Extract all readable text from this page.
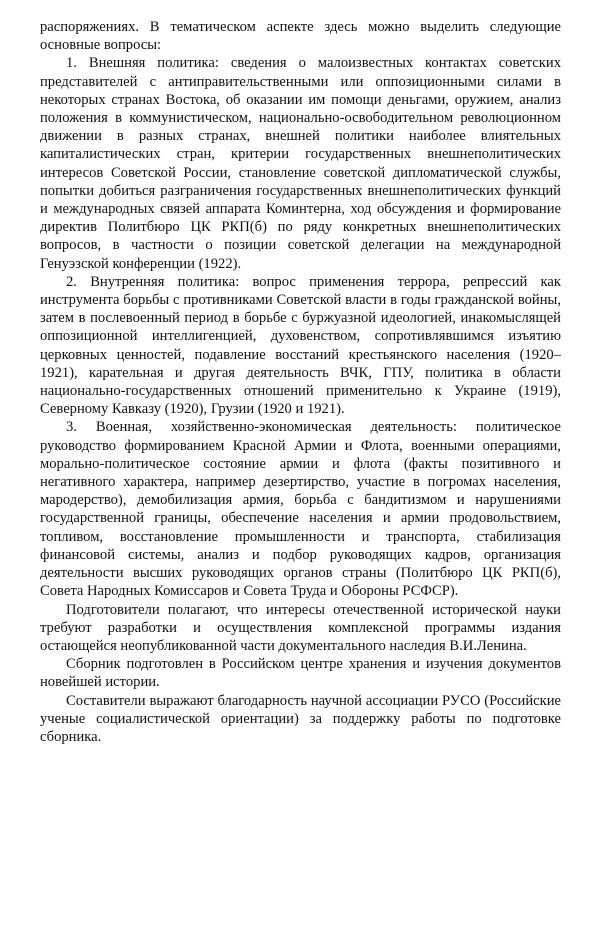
распоряжениях. В тематическом аспекте здесь можно выделить следующие основные вопросы:

1. Внешняя политика: сведения о малоизвестных контактах советских представителей с антиправительственными или оппозиционными силами в некоторых странах Востока, об оказании им помощи деньгами, оружием, анализ положения в коммунистическом, национально-освободительном революционном движении в разных странах, внешней политики наиболее влиятельных капиталистических стран, критерии государственных внешнеполитических интересов Советской России, становление советской дипломатической службы, попытки добиться разграничения государственных внешнеполитических функций и международных связей аппарата Коминтерна, ход обсуждения и формирование директив Политбюро ЦК РКП(б) по ряду конкретных внешнеполитических вопросов, в частности о позиции советской делегации на международной Генуэзской конференции (1922).

2. Внутренняя политика: вопрос применения террора, репрессий как инструмента борьбы с противниками Советской власти в годы гражданской войны, затем в послевоенный период в борьбе с буржуазной идеологией, инакомыслящей оппозиционной интеллигенцией, духовенством, сопротивлявшимся изъятию церковных ценностей, подавление восстаний крестьянского населения (1920–1921), карательная и другая деятельность ВЧК, ГПУ, политика в области национально-государственных отношений применительно к Украине (1919), Северному Кавказу (1920), Грузии (1920 и 1921).

3. Военная, хозяйственно-экономическая деятельность: политическое руководство формированием Красной Армии и Флота, военными операциями, морально-политическое состояние армии и флота (факты позитивного и негативного характера, например дезертирство, участие в погромах населения, мародерство), демобилизация армия, борьба с бандитизмом и нарушениями государственной границы, обеспечение населения и армии продовольствием, топливом, восстановление промышленности и транспорта, стабилизация финансовой системы, анализ и подбор руководящих кадров, организация деятельности высших руководящих органов страны (Политбюро ЦК РКП(б), Совета Народных Комиссаров и Совета Труда и Обороны РСФСР).

Подготовители полагают, что интересы отечественной исторической науки требуют разработки и осуществления комплексной программы издания остающейся неопубликованной части документального наследия В.И.Ленина.

Сборник подготовлен в Российском центре хранения и изучения документов новейшей истории.

Составители выражают благодарность научной ассоциации РУСО (Российские ученые социалистической ориентации) за поддержку работы по подготовке сборника.
